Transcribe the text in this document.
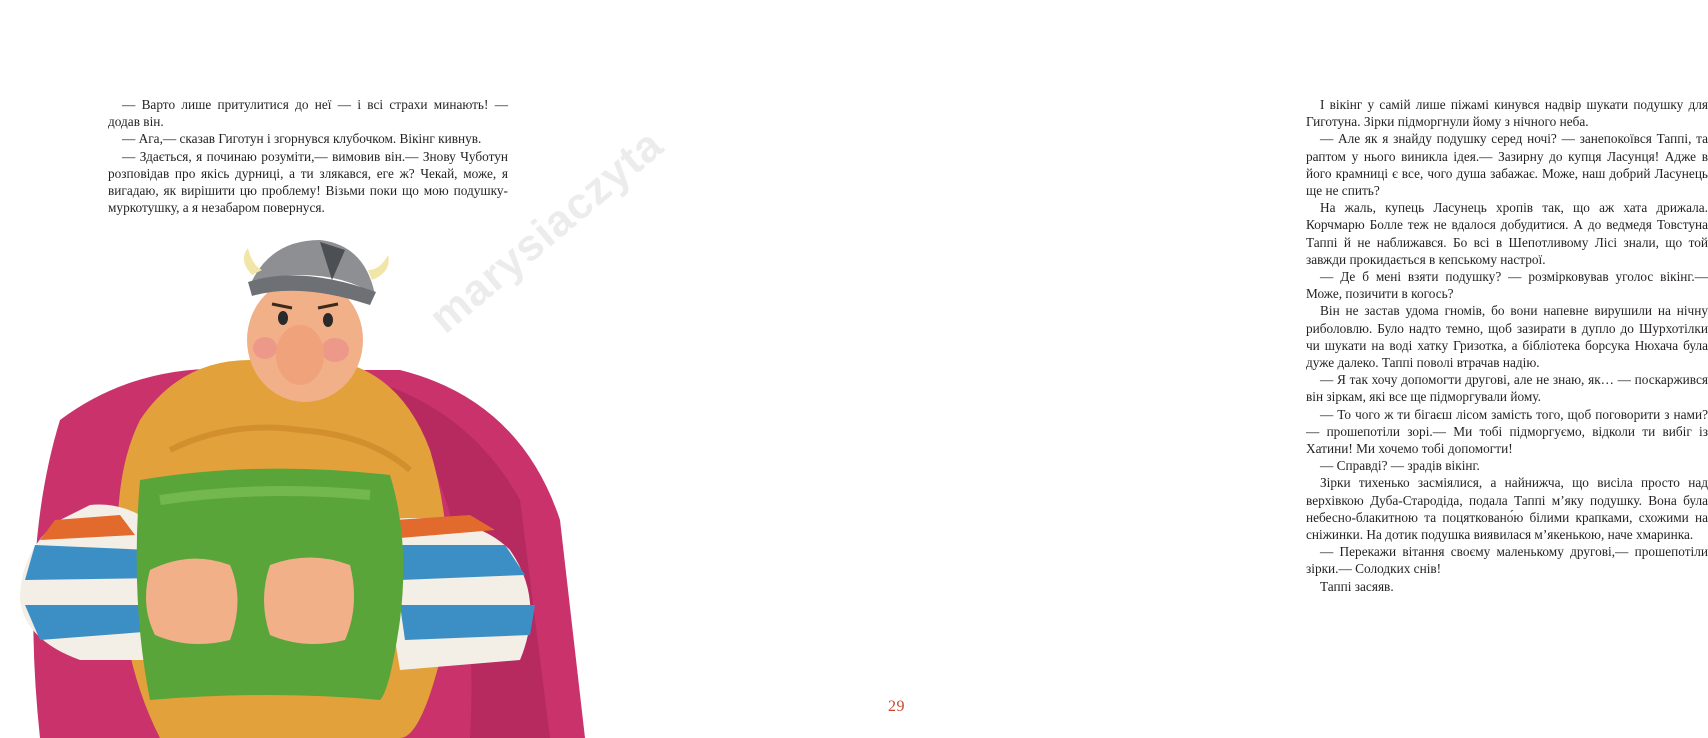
— Варто лише притулитися до неї — і всі страхи минають! — додав він.

— Ага,— сказав Гиготун і згорнувся клубочком. Вікінг кивнув.

— Здається, я починаю розуміти,— вимовив він.— Знову Чуботун розповідав про якісь дурниці, а ти злякався, еге ж? Чекай, може, я вигадаю, як вирішити цю проблему! Візьми поки що мою подушку-муркотушку, а я незабаром повернуся.

І вікінг у самій лише піжамі кинувся надвір шукати подушку для Гиготуна. Зірки підморгнули йому з нічного неба.

— Але як я знайду подушку серед ночі? — занепокоївся Таппі, та раптом у нього виникла ідея.— Зазирну до купця Ласунця! Адже в його крамниці є все, чого душа забажає. Може, наш добрий Ласунець ще не спить?

На жаль, купець Ласунець хропів так, що аж хата дрижала. Корчмарю Болле теж не вдалося добудитися. А до ведмедя Товстуна Таппі й не наближався. Бо всі в Шепотливому Лісі знали, що той завжди прокидається в кепському настрої.

— Де б мені взяти подушку? — розмірковував уголос вікінг.— Може, позичити в когось?

Він не застав удома гномів, бо вони напевне вирушили на нічну риболовлю. Було надто темно, щоб зазирати в дупло до Шурхотілки чи шукати на воді хатку Гризотка, а бібліотека борсука Нюхача була дуже далеко. Таппі поволі втрачав надію.

— Я так хочу допомогти другові, але не знаю, як… — поскаржився він зіркам, які все ще підморгували йому.

— То чого ж ти бігаєш лісом замість того, щоб поговорити з нами? — прошепотіли зорі.— Ми тобі підморгуємо, відколи ти вибіг із Хатини! Ми хочемо тобі допомогти!

— Справді? — зрадів вікінг.

Зірки тихенько засміялися, а найнижча, що висіла просто над верхівкою Дуба-Стародіда, подала Таппі м’яку подушку. Вона була небесно-блакитною та поцятковано́ю білими крапками, схожими на сніжинки. На дотик подушка виявилася м’якенькою, наче хмаринка.

— Перекажи вітання своєму маленькому другові,— прошепотіли зірки.— Солодких снів!

Таппі засяяв.

29
marysiaczyta
